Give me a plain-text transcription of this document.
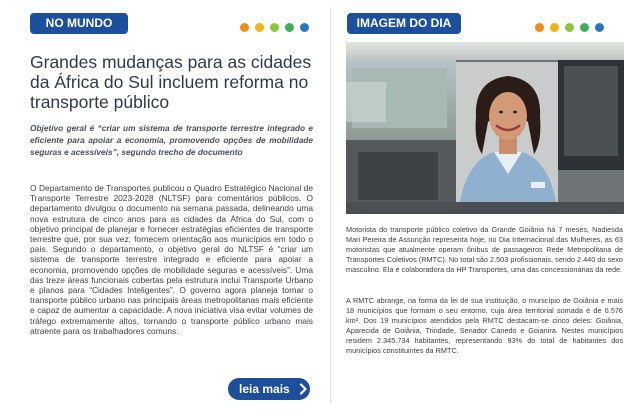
NO MUNDO
Grandes mudanças para as cidades da África do Sul incluem reforma no transporte público

Objetivo geral é “criar um sistema de transporte terrestre integrado e eficiente para apoiar a economia, promovendo opções de mobilidade seguras e acessíveis”, segundo trecho de documento

O Departamento de Transportes publicou o Quadro Estratégico Nacional de Transporte Terrestre 2023-2028 (NLTSF) para comentários públicos. O departamento divulgou o documento na semana passada, delineando uma nova estrutura de cinco anos para as cidades da África do Sul, com o objetivo principal de planejar e fornecer estratégias eficientes de transporte terrestre que, por sua vez, fornecem orientação aos municípios em todo o país. Segundo o departamento, o objetivo geral do NLTSF é “criar um sistema de transporte terrestre integrado e eficiente para apoiar a economia, promovendo opções de mobilidade seguras e acessíveis”. Uma das treze áreas funcionais cobertas pela estrutura inclui Transporte Urbano e planos para “Cidades Inteligentes”. O governo agora planeja tornar o transporte público urbano nas principais áreas metropolitanas mais eficiente e capaz de aumentar a capacidade. A nova iniciativa visa evitar volumes de tráfego extremamente altos, tornando o transporte público urbano mais atraente para os trabalhadores comuns.

leia mais
IMAGEM DO DIA

Motorista do transporte público coletivo da Grande Goiânia há 7 meses, Nadiesda Mari Pereira de Assunção representa hoje, no Dia Internacional das Mulheres, as 63 motoristas que atualmente operam ônibus de passageiros Rede Metropolitana de Transportes Coletivos (RMTC). No total são 2.503 profissionais, sendo 2.440 do sexo masculino. Ela é colaboradora da HP Transportes, uma das concessionárias da rede.

A RMTC abrange, na forma da lei de sua instituição, o município de Goiânia e mais 18 municípios que formam o seu entorno, cuja área territorial somada é de 6.576 km². Dos 19 municípios atendidos pela RMTC destacam-se cinco deles: Goiânia, Aparecida de Goiânia, Trindade, Senador Canedo e Goianira. Nestes municípios residem 2.345.734 habitantes, representando 93% do total de habitantes dos municípios constituintes da RMTC.
